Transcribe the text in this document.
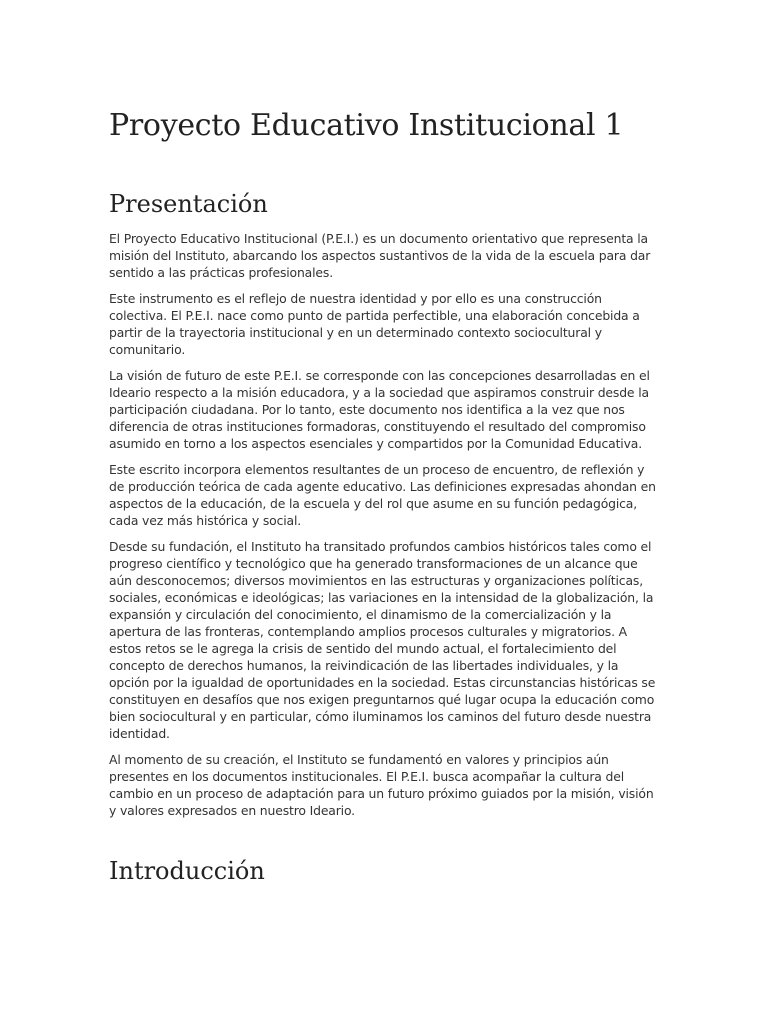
Proyecto Educativo Institucional 1
Presentación

El Proyecto Educativo Institucional (P.E.I.) es un documento orientativo que representa la misión del Instituto, abarcando los aspectos sustantivos de la vida de la escuela para dar sentido a las prácticas profesionales.

Este instrumento es el reflejo de nuestra identidad y por ello es una construcción colectiva. El P.E.I. nace como punto de partida perfectible, una elaboración concebida a partir de la trayectoria institucional y en un determinado contexto sociocultural y comunitario.

La visión de futuro de este P.E.I. se corresponde con las concepciones desarrolladas en el Ideario respecto a la misión educadora, y a la sociedad que aspiramos construir desde la participación ciudadana. Por lo tanto, este documento nos identifica a la vez que nos diferencia de otras instituciones formadoras, constituyendo el resultado del compromiso asumido en torno a los aspectos esenciales y compartidos por la Comunidad Educativa.

Este escrito incorpora elementos resultantes de un proceso de encuentro, de reflexión y de producción teórica de cada agente educativo. Las definiciones expresadas ahondan en aspectos de la educación, de la escuela y del rol que asume en su función pedagógica, cada vez más histórica y social.

Desde su fundación, el Instituto ha transitado profundos cambios históricos tales como el progreso científico y tecnológico que ha generado transformaciones de un alcance que aún desconocemos; diversos movimientos en las estructuras y organizaciones políticas, sociales, económicas e ideológicas; las variaciones en la intensidad de la globalización, la expansión y circulación del conocimiento, el dinamismo de la comercialización y la apertura de las fronteras, contemplando amplios procesos culturales y migratorios. A estos retos se le agrega la crisis de sentido del mundo actual, el fortalecimiento del concepto de derechos humanos, la reivindicación de las libertades individuales, y la opción por la igualdad de oportunidades en la sociedad. Estas circunstancias históricas se constituyen en desafíos que nos exigen preguntarnos qué lugar ocupa la educación como bien sociocultural y en particular, cómo iluminamos los caminos del futuro desde nuestra identidad.

Al momento de su creación, el Instituto se fundamentó en valores y principios aún presentes en los documentos institucionales. El P.E.I. busca acompañar la cultura del cambio en un proceso de adaptación para un futuro próximo guiados por la misión, visión y valores expresados en nuestro Ideario.

Introducción
